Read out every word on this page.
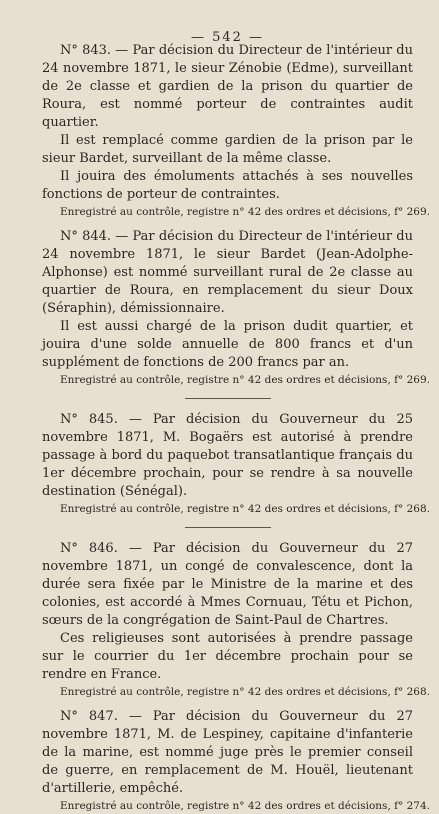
— 542 —

N° 843. — Par décision du Directeur de l'intérieur du 24 novembre 1871, le sieur Zénobie (Edme), surveillant de 2e classe et gardien de la prison du quartier de Roura, est nommé porteur de contraintes audit quartier.

Il est remplacé comme gardien de la prison par le sieur Bardet, surveillant de la même classe.

Il jouira des émoluments attachés à ses nouvelles fonctions de porteur de contraintes.

Enregistré au contrôle, registre n° 42 des ordres et décisions, f° 269.

N° 844. — Par décision du Directeur de l'intérieur du 24 novembre 1871, le sieur Bardet (Jean-Adolphe-Alphonse) est nommé surveillant rural de 2e classe au quartier de Roura, en remplacement du sieur Doux (Séraphin), démissionnaire.

Il est aussi chargé de la prison dudit quartier, et jouira d'une solde annuelle de 800 francs et d'un supplément de fonctions de 200 francs par an.

Enregistré au contrôle, registre n° 42 des ordres et décisions, f° 269.

N° 845. — Par décision du Gouverneur du 25 novembre 1871, M. Bogaërs est autorisé à prendre passage à bord du paquebot transatlantique français du 1er décembre prochain, pour se rendre à sa nouvelle destination (Sénégal).

Enregistré au contrôle, registre n° 42 des ordres et décisions, f° 268.

N° 846. — Par décision du Gouverneur du 27 novembre 1871, un congé de convalescence, dont la durée sera fixée par le Ministre de la marine et des colonies, est accordé à Mmes Cornuau, Tétu et Pichon, sœurs de la congrégation de Saint-Paul de Chartres.

Ces religieuses sont autorisées à prendre passage sur le courrier du 1er décembre prochain pour se rendre en France.

Enregistré au contrôle, registre n° 42 des ordres et décisions, f° 268.

N° 847. — Par décision du Gouverneur du 27 novembre 1871, M. de Lespiney, capitaine d'infanterie de la marine, est nommé juge près le premier conseil de guerre, en remplacement de M. Houël, lieutenant d'artillerie, empêché.

Enregistré au contrôle, registre n° 42 des ordres et décisions, f° 274.
